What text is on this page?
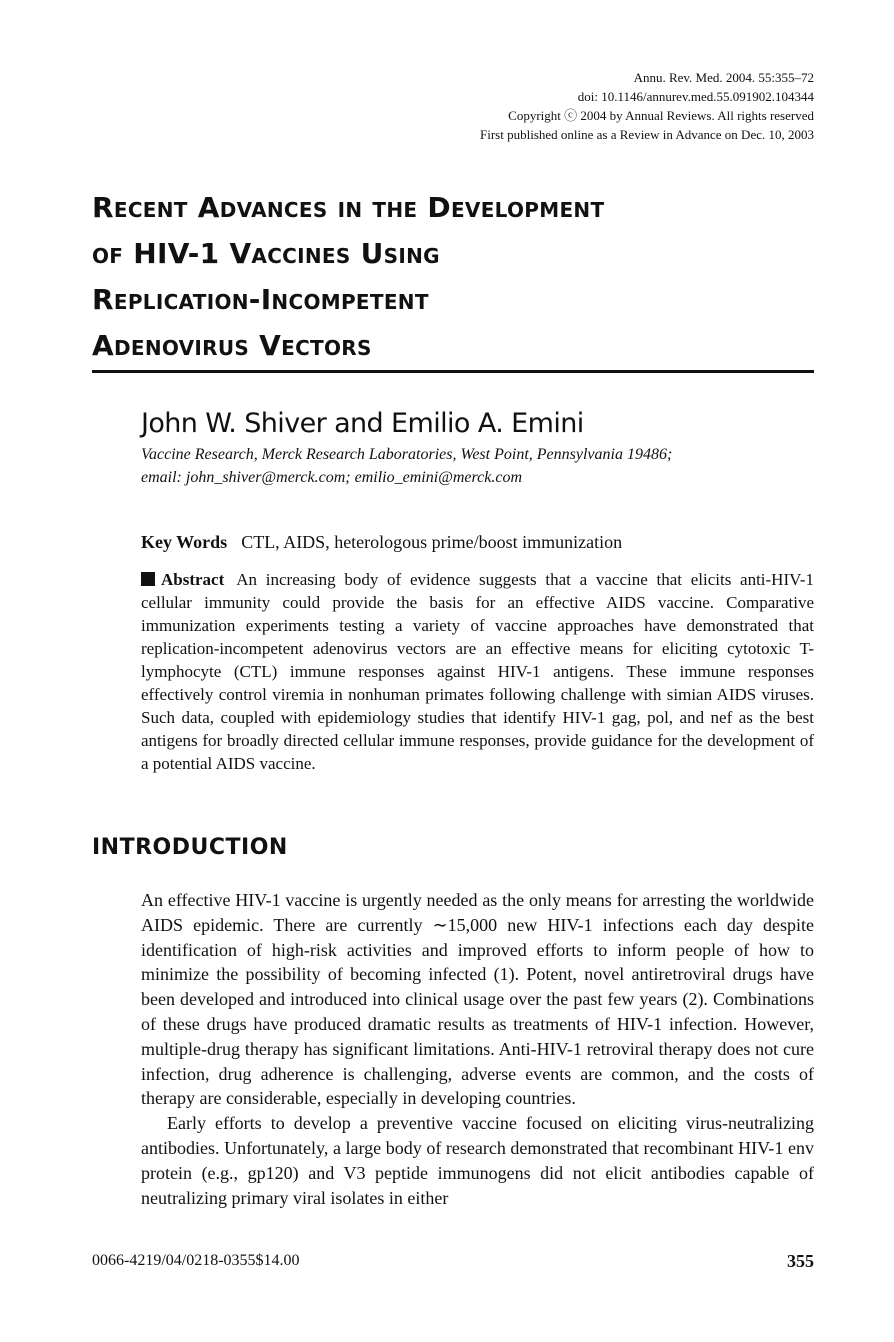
Annu. Rev. Med. 2004. 55:355–72
doi: 10.1146/annurev.med.55.091902.104344
Copyright ⓒ 2004 by Annual Reviews. All rights reserved
First published online as a Review in Advance on Dec. 10, 2003
Recent Advances in the Development
of HIV-1 Vaccines Using
Replication-Incompetent
Adenovirus Vectors
John W. Shiver and Emilio A. Emini
Vaccine Research, Merck Research Laboratories, West Point, Pennsylvania 19486;
email: john_shiver@merck.com; emilio_emini@merck.com
Key Words CTL, AIDS, heterologous prime/boost immunization

Abstract An increasing body of evidence suggests that a vaccine that elicits anti-HIV-1 cellular immunity could provide the basis for an effective AIDS vaccine. Comparative immunization experiments testing a variety of vaccine approaches have demonstrated that replication-incompetent adenovirus vectors are an effective means for eliciting cytotoxic T-lymphocyte (CTL) immune responses against HIV-1 antigens. These immune responses effectively control viremia in nonhuman primates following challenge with simian AIDS viruses. Such data, coupled with epidemiology studies that identify HIV-1 gag, pol, and nef as the best antigens for broadly directed cellular immune responses, provide guidance for the development of a potential AIDS vaccine.

INTRODUCTION

An effective HIV-1 vaccine is urgently needed as the only means for arresting the worldwide AIDS epidemic. There are currently ∼15,000 new HIV-1 infections each day despite identification of high-risk activities and improved efforts to inform people of how to minimize the possibility of becoming infected (1). Potent, novel antiretroviral drugs have been developed and introduced into clinical usage over the past few years (2). Combinations of these drugs have produced dramatic results as treatments of HIV-1 infection. However, multiple-drug therapy has significant limitations. Anti-HIV-1 retroviral therapy does not cure infection, drug adherence is challenging, adverse events are common, and the costs of therapy are considerable, especially in developing countries.

Early efforts to develop a preventive vaccine focused on eliciting virus-neutralizing antibodies. Unfortunately, a large body of research demonstrated that recombinant HIV-1 env protein (e.g., gp120) and V3 peptide immunogens did not elicit antibodies capable of neutralizing primary viral isolates in either

0066-4219/04/0218-0355$14.00	355
